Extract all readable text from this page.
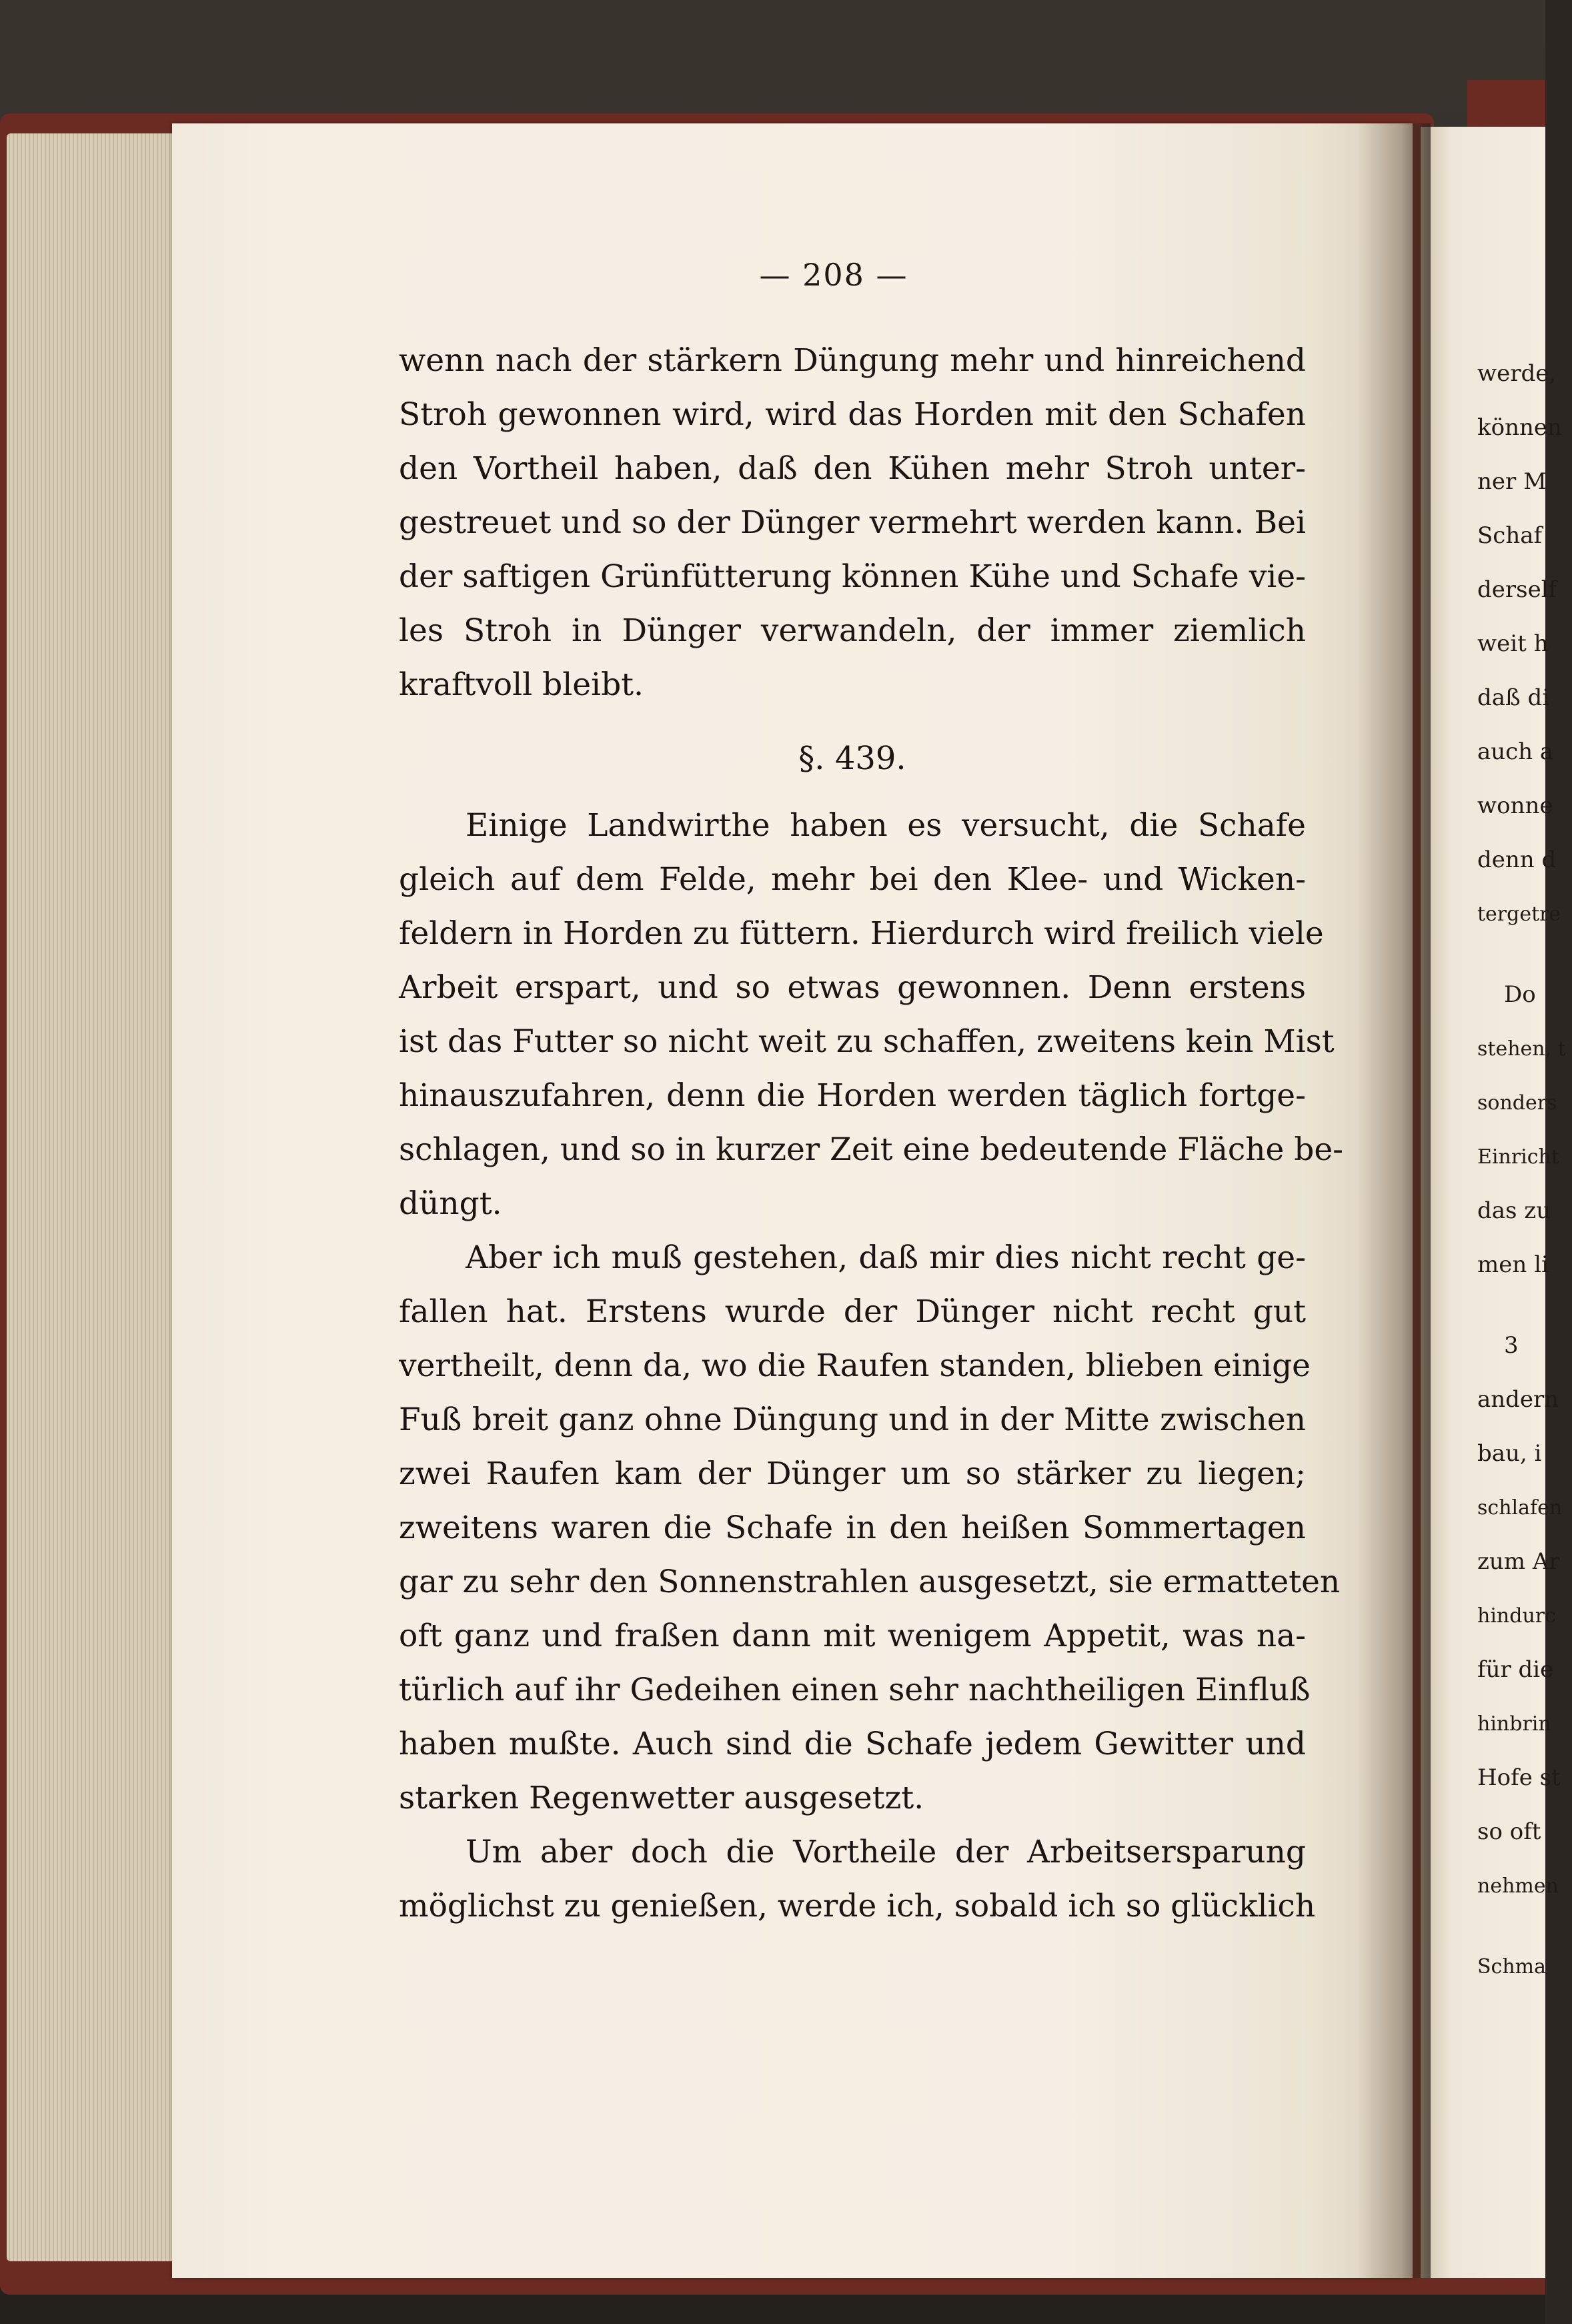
— 208 —
wenn nach der stärkern Düngung mehr und hinreichend
Stroh gewonnen wird, wird das Horden mit den Schafen
den Vortheil haben, daß den Kühen mehr Stroh unter-
gestreuet und so der Dünger vermehrt werden kann. Bei
der saftigen Grünfütterung können Kühe und Schafe vie-
les Stroh in Dünger verwandeln, der immer ziemlich
kraftvoll bleibt.
§. 439.
Einige Landwirthe haben es versucht, die Schafe
gleich auf dem Felde, mehr bei den Klee- und Wicken-
feldern in Horden zu füttern. Hierdurch wird freilich viele
Arbeit erspart, und so etwas gewonnen. Denn erstens
ist das Futter so nicht weit zu schaffen, zweitens kein Mist
hinauszufahren, denn die Horden werden täglich fortge-
schlagen, und so in kurzer Zeit eine bedeutende Fläche be-
düngt.
Aber ich muß gestehen, daß mir dies nicht recht ge-
fallen hat. Erstens wurde der Dünger nicht recht gut
vertheilt, denn da, wo die Raufen standen, blieben einige
Fuß breit ganz ohne Düngung und in der Mitte zwischen
zwei Raufen kam der Dünger um so stärker zu liegen;
zweitens waren die Schafe in den heißen Sommertagen
gar zu sehr den Sonnenstrahlen ausgesetzt, sie ermatteten
oft ganz und fraßen dann mit wenigem Appetit, was na-
türlich auf ihr Gedeihen einen sehr nachtheiligen Einfluß
haben mußte. Auch sind die Schafe jedem Gewitter und
starken Regenwetter ausgesetzt.
Um aber doch die Vortheile der Arbeitsersparung
möglichst zu genießen, werde ich, sobald ich so glücklich
werde,
können
ner M
Schaf
derself
weit h
daß di
auch a
wonne
denn d
tergetre
Do
stehen, t
sonders
Einricht
das zu
men li
3
andern
bau, i
schlafen
zum Ar
hindurc
für die
hinbrin
Hofe st
so oft
nehmen
Schma
